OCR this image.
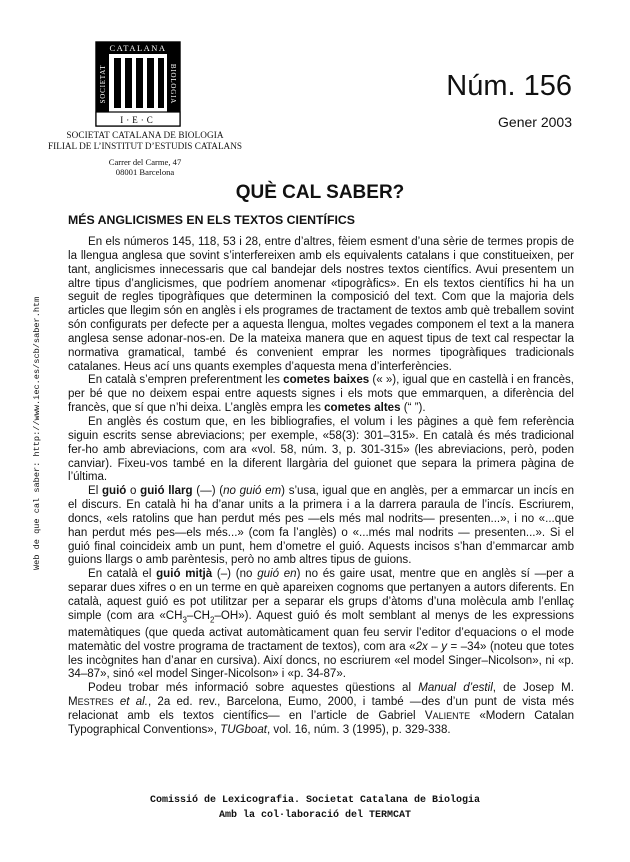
CATALANA
SOCIETAT	BIOLOGIA
I·E·C
SOCIETAT CATALANA DE BIOLOGIA
FILIAL DE L’INSTITUT D’ESTUDIS CATALANS
Carrer del Carme, 47
08001 Barcelona
Núm. 156
Gener 2003
Web de que cal saber: http://www.iec.es/scb/saber.htm
QUÈ CAL SABER?
MÉS ANGLICISMES EN ELS TEXTOS CIENTÍFICS

En els números 145, 118, 53 i 28, entre d’altres, fèiem esment d’una sèrie de termes propis de la llengua anglesa que sovint s’interfereixen amb els equivalents catalans i que constitueixen, per tant, anglicismes innecessaris que cal bandejar dels nostres textos científics. Avui presentem un altre tipus d’anglicismes, que podríem anomenar «tipogràfics». En els textos científics hi ha un seguit de regles tipogràfiques que determinen la composició del text. Com que la majoria dels articles que llegim són en anglès i els programes de tractament de textos amb què treballem sovint són configurats per defecte per a aquesta llengua, moltes vegades componem el text a la manera anglesa sense adonar-nos-en. De la mateixa manera que en aquest tipus de text cal respectar la normativa gramatical, també és convenient emprar les normes tipogràfiques tradicionals catalanes. Heus ací uns quants exemples d’aquesta mena d’interferències.

En català s’empren preferentment les cometes baixes (« »), igual que en castellà i en francès, per bé que no deixem espai entre aquests signes i els mots que emmarquen, a diferència del francès, que sí que n’hi deixa. L’anglès empra les cometes altes (“ ”).

En anglès és costum que, en les bibliografies, el volum i les pàgines a què fem referència siguin escrits sense abreviacions; per exemple, «58(3): 301–315». En català és més tradicional fer-ho amb abreviacions, com ara «vol. 58, núm. 3, p. 301-315» (les abreviacions, però, poden canviar). Fixeu-vos també en la diferent llargària del guionet que separa la primera pàgina de l’última.

El guió o guió llarg (—) (no guió em) s’usa, igual que en anglès, per a emmarcar un incís en el discurs. En català hi ha d’anar units a la primera i a la darrera paraula de l’incís. Escriurem, doncs, «els ratolins que han perdut més pes —els més mal nodrits— presenten...», i no «...que han perdut més pes—els més...» (com fa l’anglès) o «...més mal nodrits — presenten...». Si el guió final coincideix amb un punt, hem d’ometre el guió. Aquests incisos s’han d’emmarcar amb guions llargs o amb parèntesis, però no amb altres tipus de guions.

En català el guió mitjà (–) (no guió en) no és gaire usat, mentre que en anglès sí —per a separar dues xifres o en un terme en què apareixen cognoms que pertanyen a autors diferents. En català, aquest guió es pot utilitzar per a separar els grups d’àtoms d’una molècula amb l’enllaç simple (com ara «$CH_3-CH_2-OH$»). Aquest guió és molt semblant al menys de les expressions matemàtiques (que queda activat automàticament quan feu servir l’editor d’equacions o el mode matemàtic del vostre programa de tractament de textos), com ara «2x – y = –34» (noteu que totes les incògnites han d’anar en cursiva). Així doncs, no escriurem «el model Singer–Nicolson», ni «p. 34–87», sinó «el model Singer-Nicolson» i «p. 34-87».

Podeu trobar més informació sobre aquestes qüestions al Manual d’estil, de Josep M. MESTRES et al., 2a ed. rev., Barcelona, Eumo, 2000, i també —des d’un punt de vista més relacionat amb els textos científics— en l’article de Gabriel VALIENTE «Modern Catalan Typographical Conventions», TUGboat, vol. 16, núm. 3 (1995), p. 329-338.

Comissió de Lexicografia. Societat Catalana de Biologia
Amb la col·laboració del TERMCAT
